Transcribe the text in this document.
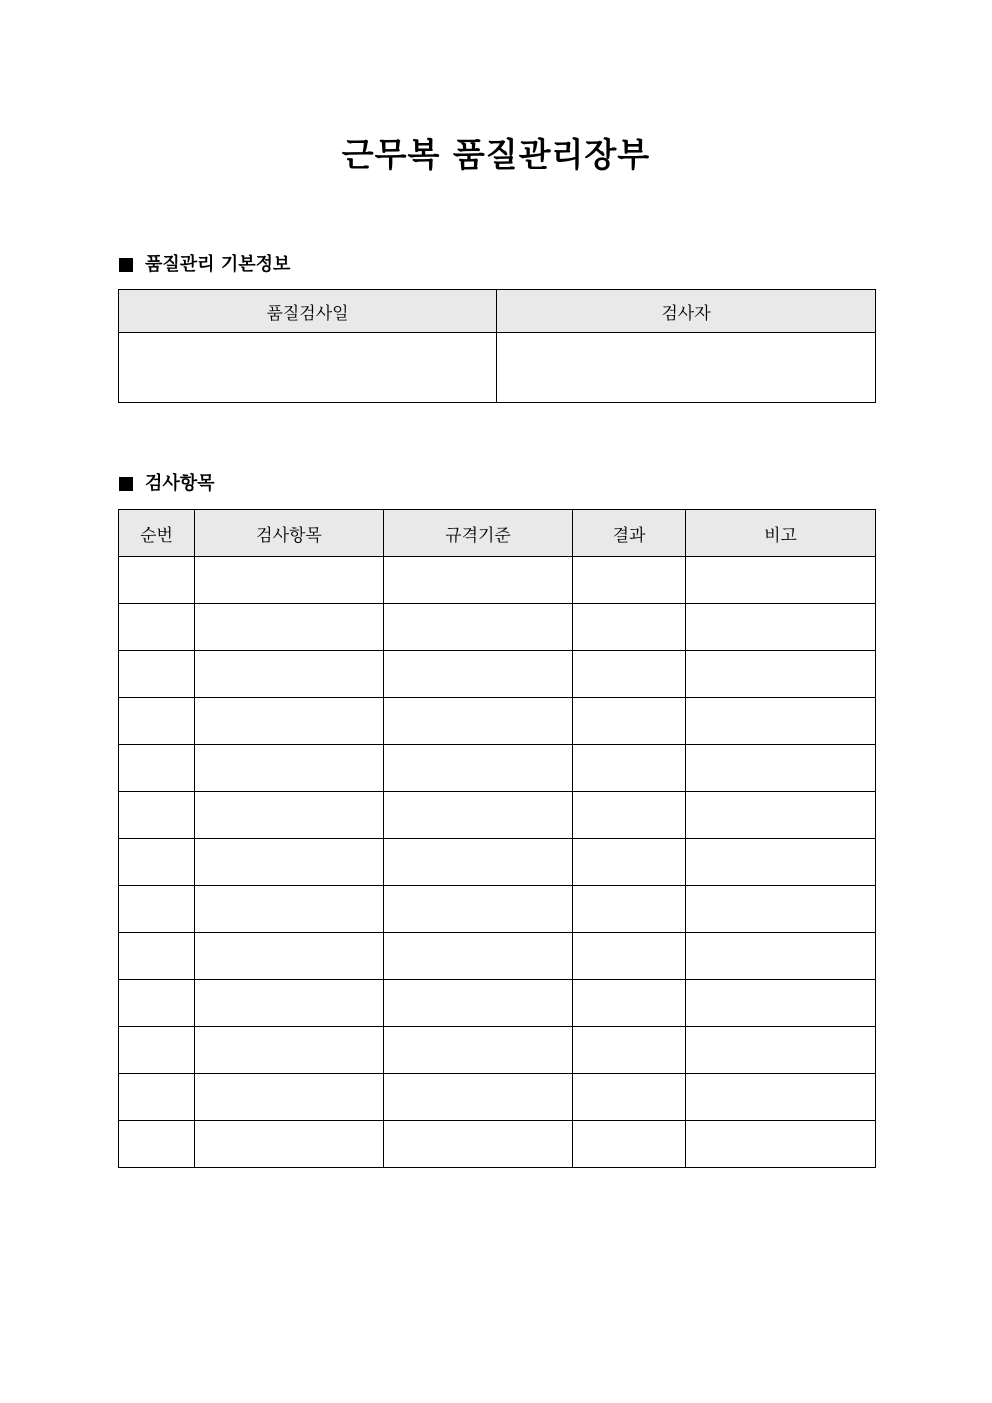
근무복 품질관리장부
품질관리 기본정보
품질검사일	검사자

검사항목
순번	검사항목	규격기준	결과	비고
